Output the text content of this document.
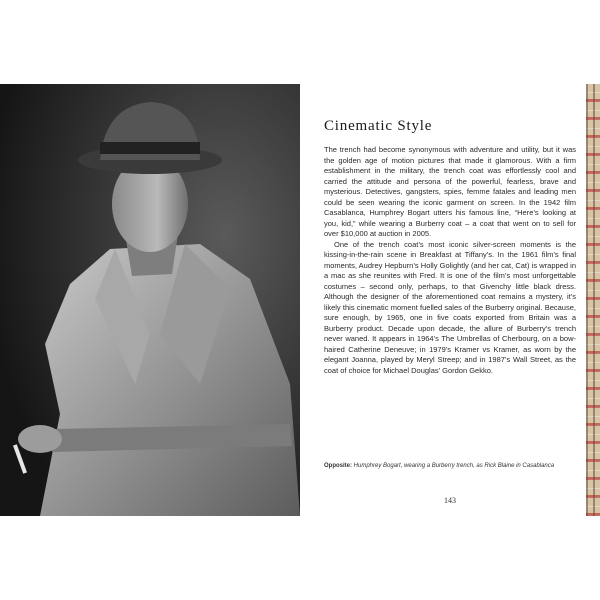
Cinematic Style

The trench had become synonymous with adventure and utility, but it was the golden age of motion pictures that made it glamorous. With a firm establishment in the military, the trench coat was effortlessly cool and carried the attitude and persona of the powerful, fearless, brave and mysterious. Detectives, gangsters, spies, femme fatales and leading men could be seen wearing the iconic garment on screen. In the 1942 film Casablanca, Humphrey Bogart utters his famous line, “Here’s looking at you, kid,” while wearing a Burberry coat – a coat that went on to sell for over $10,000 at auction in 2005.

One of the trench coat’s most iconic silver-screen moments is the kissing-in-the-rain scene in Breakfast at Tiffany’s. In the 1961 film’s final moments, Audrey Hepburn’s Holly Golightly (and her cat, Cat) is wrapped in a mac as she reunites with Fred. It is one of the film’s most unforgettable costumes – second only, perhaps, to that Givenchy little black dress. Although the designer of the aforementioned coat remains a mystery, it’s likely this cinematic moment fuelled sales of the Burberry original. Because, sure enough, by 1965, one in five coats exported from Britain was a Burberry product. Decade upon decade, the allure of Burberry’s trench never waned. It appears in 1964’s The Umbrellas of Cherbourg, on a bow-haired Catherine Deneuve; in 1979’s Kramer vs Kramer, as worn by the elegant Joanna, played by Meryl Streep; and in 1987’s Wall Street, as the coat of choice for Michael Douglas’ Gordon Gekko.

Opposite: Humphrey Bogart, wearing a Burberry trench, as Rick Blaine in Casablanca
143
